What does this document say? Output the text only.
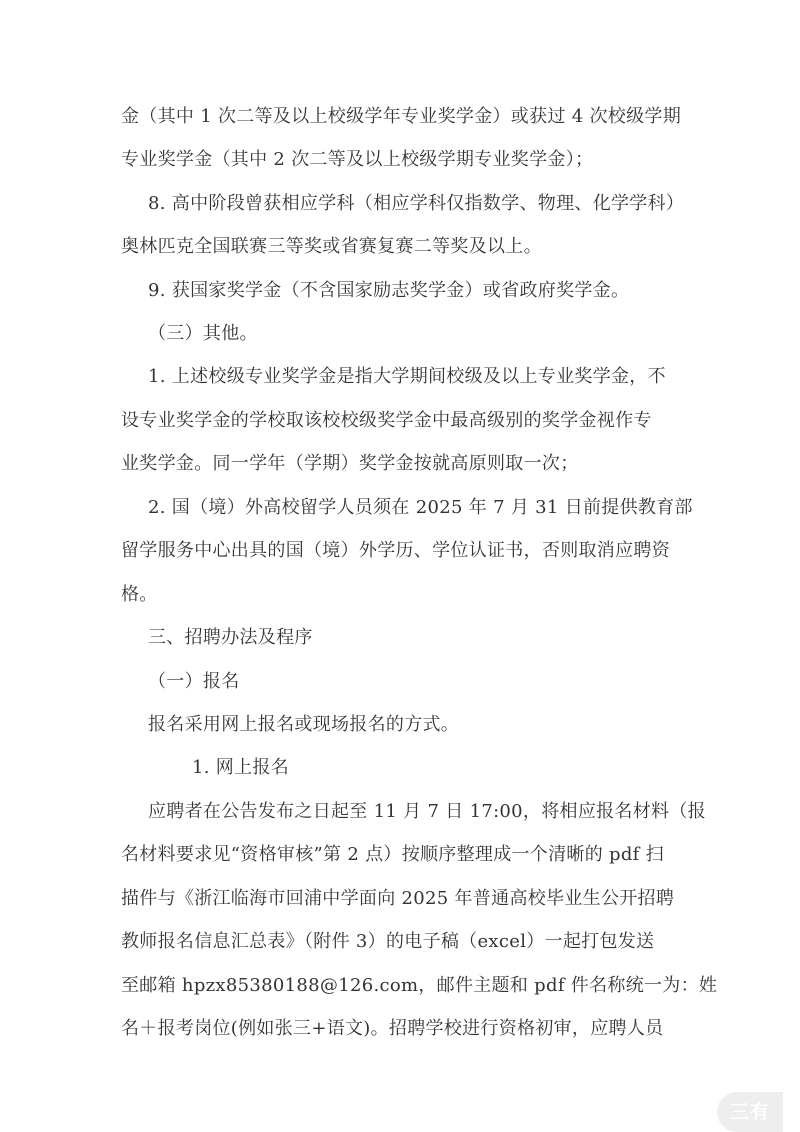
金（其中 1 次二等及以上校级学年专业奖学金）或获过 4 次校级学期
专业奖学金（其中 2 次二等及以上校级学期专业奖学金）；
8. 高中阶段曾获相应学科（相应学科仅指数学、物理、化学学科）
奥林匹克全国联赛三等奖或省赛复赛二等奖及以上。
9. 获国家奖学金（不含国家励志奖学金）或省政府奖学金。
（三）其他。
1. 上述校级专业奖学金是指大学期间校级及以上专业奖学金，不
设专业奖学金的学校取该校校级奖学金中最高级别的奖学金视作专
业奖学金。同一学年（学期）奖学金按就高原则取一次；
2. 国（境）外高校留学人员须在 2025 年 7 月 31 日前提供教育部
留学服务中心出具的国（境）外学历、学位认证书，否则取消应聘资
格。
三、招聘办法及程序
（一）报名
报名采用网上报名或现场报名的方式。
1. 网上报名
应聘者在公告发布之日起至 11 月 7 日 17:00，将相应报名材料（报
名材料要求见“资格审核”第 2 点）按顺序整理成一个清晰的 pdf 扫
描件与《浙江临海市回浦中学面向 2025 年普通高校毕业生公开招聘
教师报名信息汇总表》（附件 3）的电子稿（excel）一起打包发送
至邮箱 hpzx85380188@126.com，邮件主题和 pdf 件名称统一为：姓
名＋报考岗位(例如张三+语文)。招聘学校进行资格初审，应聘人员
三有
